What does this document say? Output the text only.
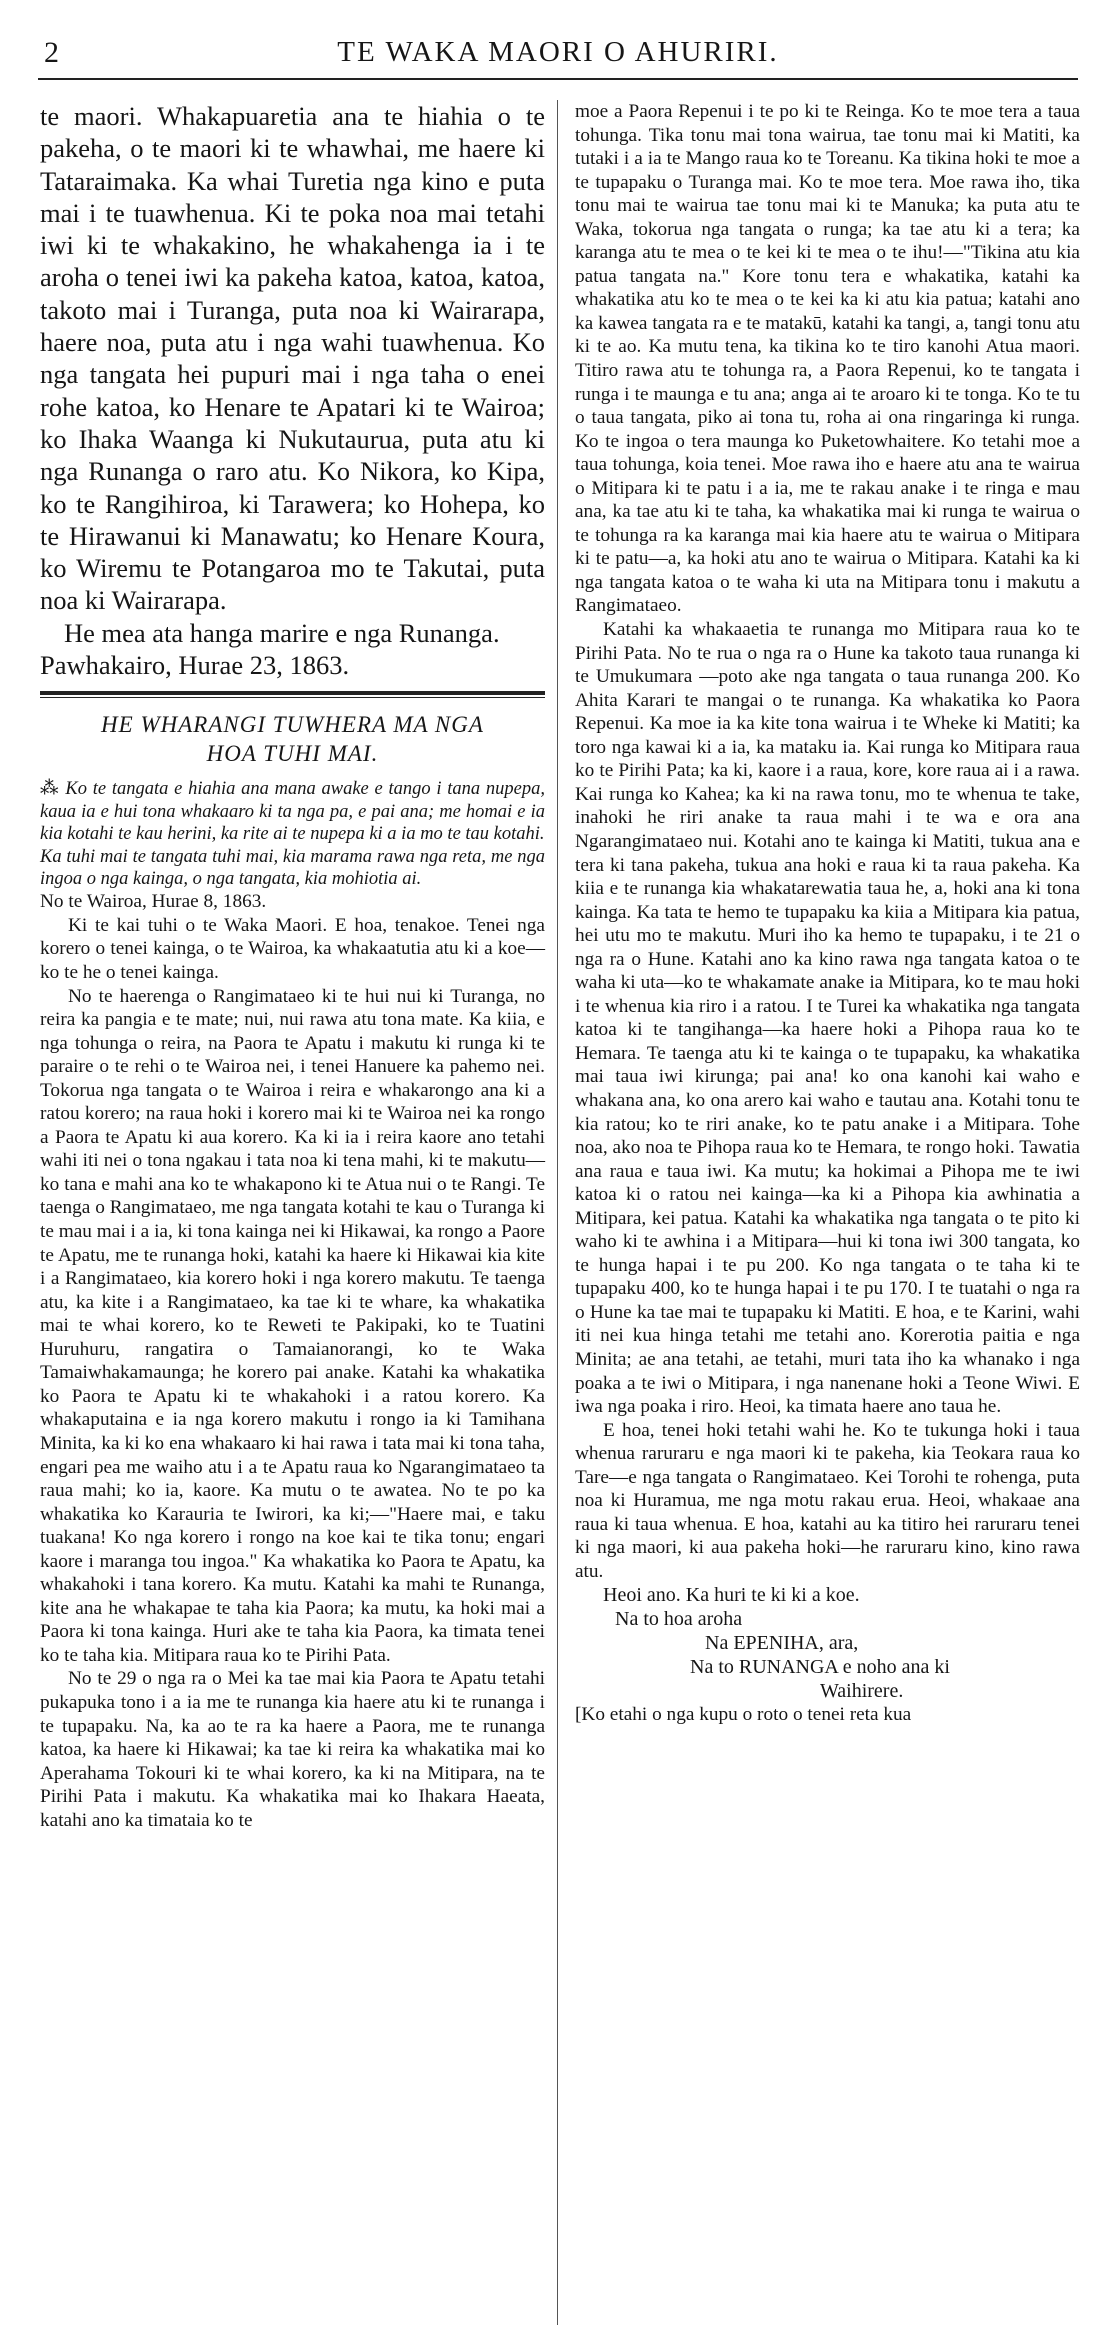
2	TE WAKA MAORI O AHURIRI.

te maori. Whakapuaretia ana te hiahia o te pakeha, o te maori ki te whawhai, me haere ki Tataraimaka. Ka whai Turetia nga kino e puta mai i te tuawhenua. Ki te poka noa mai tetahi iwi ki te whakakino, he whakahenga ia i te aroha o tenei iwi ka pakeha katoa, katoa, katoa, takoto mai i Turanga, puta noa ki Wairarapa, haere noa, puta atu i nga wahi tuawhenua. Ko nga tangata hei pupuri mai i nga taha o enei rohe katoa, ko Henare te Apatari ki te Wairoa; ko Ihaka Waanga ki Nukutaurua, puta atu ki nga Runanga o raro atu. Ko Nikora, ko Kipa, ko te Rangihiroa, ki Tarawera; ko Hohepa, ko te Hirawanui ki Manawatu; ko Henare Koura, ko Wiremu te Potangaroa mo te Takutai, puta noa ki Wairarapa.

He mea ata hanga marire e nga Runanga.

Pawhakairo, Hurae 23, 1863.

HE WHARANGI TUWHERA MA NGA
HOA TUHI MAI.

⁂ Ko te tangata e hiahia ana mana awake e tango i tana nupepa, kaua ia e hui tona whakaaro ki ta nga pa, e pai ana; me homai e ia kia kotahi te kau herini, ka rite ai te nupepa ki a ia mo te tau kotahi.

Ka tuhi mai te tangata tuhi mai, kia marama rawa nga reta, me nga ingoa o nga kainga, o nga tangata, kia mohiotia ai.

No te Wairoa, Hurae 8, 1863.

Ki te kai tuhi o te Waka Maori. E hoa, tenakoe. Tenei nga korero o tenei kainga, o te Wairoa, ka whakaatutia atu ki a koe—ko te he o tenei kainga.

No te haerenga o Rangimataeo ki te hui nui ki Turanga, no reira ka pangia e te mate; nui, nui rawa atu tona mate. Ka kiia, e nga tohunga o reira, na Paora te Apatu i makutu ki runga ki te paraire o te rehi o te Wairoa nei, i tenei Hanuere ka pahemo nei. Tokorua nga tangata o te Wairoa i reira e whakarongo ana ki a ratou korero; na raua hoki i korero mai ki te Wairoa nei ka rongo a Paora te Apatu ki aua korero. Ka ki ia i reira kaore ano tetahi wahi iti nei o tona ngakau i tata noa ki tena mahi, ki te makutu—ko tana e mahi ana ko te whakapono ki te Atua nui o te Rangi. Te taenga o Rangimataeo, me nga tangata kotahi te kau o Turanga ki te mau mai i a ia, ki tona kainga nei ki Hikawai, ka rongo a Paore te Apatu, me te runanga hoki, katahi ka haere ki Hikawai kia kite i a Rangimataeo, kia korero hoki i nga korero makutu. Te taenga atu, ka kite i a Rangimataeo, ka tae ki te whare, ka whakatika mai te whai korero, ko te Reweti te Pakipaki, ko te Tuatini Huruhuru, rangatira o Tamaianorangi, ko te Waka Tamaiwhakamaunga; he korero pai anake. Katahi ka whakatika ko Paora te Apatu ki te whakahoki i a ratou korero. Ka whakaputaina e ia nga korero makutu i rongo ia ki Tamihana Minita, ka ki ko ena whakaaro ki hai rawa i tata mai ki tona taha, engari pea me waiho atu i a te Apatu raua ko Ngarangimataeo ta raua mahi; ko ia, kaore. Ka mutu o te awatea. No te po ka whakatika ko Karauria te Iwirori, ka ki;—"Haere mai, e taku tuakana! Ko nga korero i rongo na koe kai te tika tonu; engari kaore i maranga tou ingoa." Ka whakatika ko Paora te Apatu, ka whakahoki i tana korero. Ka mutu. Katahi ka mahi te Runanga, kite ana he whakapae te taha kia Paora; ka mutu, ka hoki mai a Paora ki tona kainga. Huri ake te taha kia Paora, ka timata tenei ko te taha kia. Mitipara raua ko te Pirihi Pata.

No te 29 o nga ra o Mei ka tae mai kia Paora te Apatu tetahi pukapuka tono i a ia me te runanga kia haere atu ki te runanga i te tupapaku. Na, ka ao te ra ka haere a Paora, me te runanga katoa, ka haere ki Hikawai; ka tae ki reira ka whakatika mai ko Aperahama Tokouri ki te whai korero, ka ki na Mitipara, na te Pirihi Pata i makutu. Ka whakatika mai ko Ihakara Haeata, katahi ano ka timataia ko te

moe a Paora Repenui i te po ki te Reinga. Ko te moe tera a taua tohunga. Tika tonu mai tona wairua, tae tonu mai ki Matiti, ka tutaki i a ia te Mango raua ko te Toreanu. Ka tikina hoki te moe a te tupapaku o Turanga mai. Ko te moe tera. Moe rawa iho, tika tonu mai te wairua tae tonu mai ki te Manuka; ka puta atu te Waka, tokorua nga tangata o runga; ka tae atu ki a tera; ka karanga atu te mea o te kei ki te mea o te ihu!—"Tikina atu kia patua tangata na." Kore tonu tera e whakatika, katahi ka whakatika atu ko te mea o te kei ka ki atu kia patua; katahi ano ka kawea tangata ra e te matakū, katahi ka tangi, a, tangi tonu atu ki te ao. Ka mutu tena, ka tikina ko te tiro kanohi Atua maori. Titiro rawa atu te tohunga ra, a Paora Repenui, ko te tangata i runga i te maunga e tu ana; anga ai te aroaro ki te tonga. Ko te tu o taua tangata, piko ai tona tu, roha ai ona ringaringa ki runga. Ko te ingoa o tera maunga ko Puketowhaitere. Ko tetahi moe a taua tohunga, koia tenei. Moe rawa iho e haere atu ana te wairua o Mitipara ki te patu i a ia, me te rakau anake i te ringa e mau ana, ka tae atu ki te taha, ka whakatika mai ki runga te wairua o te tohunga ra ka karanga mai kia haere atu te wairua o Mitipara ki te patu—a, ka hoki atu ano te wairua o Mitipara. Katahi ka ki nga tangata katoa o te waha ki uta na Mitipara tonu i makutu a Rangimataeo.

Katahi ka whakaaetia te runanga mo Mitipara raua ko te Pirihi Pata. No te rua o nga ra o Hune ka takoto taua runanga ki te Umukumara —poto ake nga tangata o taua runanga 200. Ko Ahita Karari te mangai o te runanga. Ka whakatika ko Paora Repenui. Ka moe ia ka kite tona wairua i te Wheke ki Matiti; ka toro nga kawai ki a ia, ka mataku ia. Kai runga ko Mitipara raua ko te Pirihi Pata; ka ki, kaore i a raua, kore, kore raua ai i a rawa. Kai runga ko Kahea; ka ki na rawa tonu, mo te whenua te take, inahoki he riri anake ta raua mahi i te wa e ora ana Ngarangimataeo nui. Kotahi ano te kainga ki Matiti, tukua ana e tera ki tana pakeha, tukua ana hoki e raua ki ta raua pakeha. Ka kiia e te runanga kia whakatarewatia taua he, a, hoki ana ki tona kainga. Ka tata te hemo te tupapaku ka kiia a Mitipara kia patua, hei utu mo te makutu. Muri iho ka hemo te tupapaku, i te 21 o nga ra o Hune. Katahi ano ka kino rawa nga tangata katoa o te waha ki uta—ko te whakamate anake ia Mitipara, ko te mau hoki i te whenua kia riro i a ratou. I te Turei ka whakatika nga tangata katoa ki te tangihanga—ka haere hoki a Pihopa raua ko te Hemara. Te taenga atu ki te kainga o te tupapaku, ka whakatika mai taua iwi kirunga; pai ana! ko ona kanohi kai waho e whakana ana, ko ona arero kai waho e tautau ana. Kotahi tonu te kia ratou; ko te riri anake, ko te patu anake i a Mitipara. Tohe noa, ako noa te Pihopa raua ko te Hemara, te rongo hoki. Tawatia ana raua e taua iwi. Ka mutu; ka hokimai a Pihopa me te iwi katoa ki o ratou nei kainga—ka ki a Pihopa kia awhinatia a Mitipara, kei patua. Katahi ka whakatika nga tangata o te pito ki waho ki te awhina i a Mitipara—hui ki tona iwi 300 tangata, ko te hunga hapai i te pu 200. Ko nga tangata o te taha ki te tupapaku 400, ko te hunga hapai i te pu 170. I te tuatahi o nga ra o Hune ka tae mai te tupapaku ki Matiti. E hoa, e te Karini, wahi iti nei kua hinga tetahi me tetahi ano. Korerotia paitia e nga Minita; ae ana tetahi, ae tetahi, muri tata iho ka whanako i nga poaka a te iwi o Mitipara, i nga nanenane hoki a Teone Wiwi. E iwa nga poaka i riro. Heoi, ka timata haere ano taua he.

E hoa, tenei hoki tetahi wahi he. Ko te tukunga hoki i taua whenua raruraru e nga maori ki te pakeha, kia Teokara raua ko Tare—e nga tangata o Rangimataeo. Kei Torohi te rohenga, puta noa ki Huramua, me nga motu rakau erua. Heoi, whakaae ana raua ki taua whenua. E hoa, katahi au ka titiro hei raruraru tenei ki nga maori, ki aua pakeha hoki—he raruraru kino, kino rawa atu.

Heoi ano. Ka huri te ki ki a koe.
Na to hoa aroha
Na EPENIHA, ara,
Na to RUNANGA e noho ana ki
Waihirere.

[Ko etahi o nga kupu o roto o tenei reta kua
